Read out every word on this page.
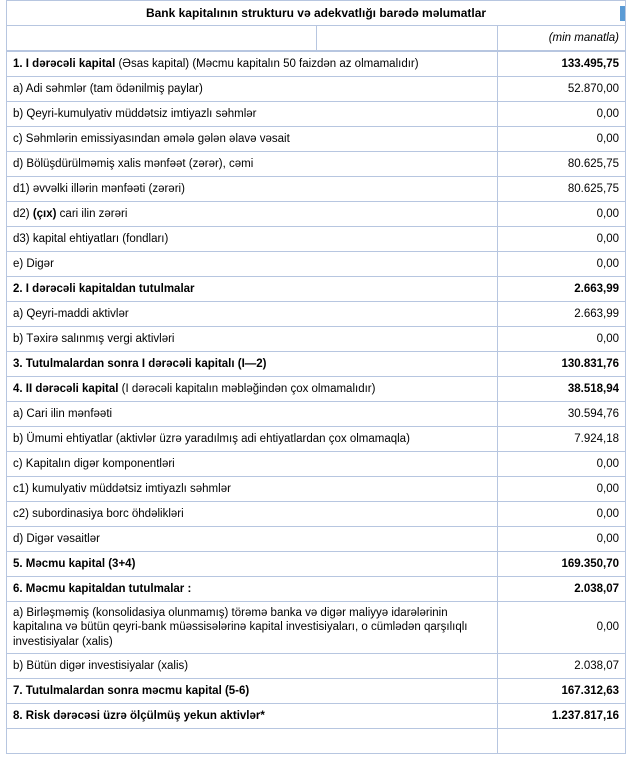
Bank kapitalının strukturu və adekvatlığı barədə məlumatlar

		(min manatla)
1. I dərəcəli kapital (Əsas kapital) (Məcmu kapitalın 50 faizdən az olmamalıdır)	133.495,75
a) Adi səhmlər (tam ödənilmiş paylar)	52.870,00
b) Qeyri-kumulyativ müddətsiz imtiyazlı səhmlər	0,00
c) Səhmlərin emissiyasından əmələ gələn əlavə vəsait	0,00
d) Bölüşdürülməmiş xalis mənfəət (zərər), cəmi	80.625,75
d1) əvvəlki illərin mənfəəti (zərəri)	80.625,75
d2) (çıx) cari ilin zərəri	0,00
d3) kapital ehtiyatları (fondları)	0,00
e) Digər	0,00
2. I dərəcəli kapitaldan tutulmalar	2.663,99
a) Qeyri-maddi aktivlər	2.663,99
b) Təxirə salınmış vergi aktivləri	0,00
3. Tutulmalardan sonra I dərəcəli kapitalı (I—2)	130.831,76
4. II dərəcəli kapital (I dərəcəli kapitalın məbləğindən çox olmamalıdır)	38.518,94
a) Cari ilin mənfəəti	30.594,76
b) Ümumi ehtiyatlar (aktivlər üzrə yaradılmış adi ehtiyatlardan çox olmamaqla)	7.924,18
c) Kapitalın digər komponentləri	0,00
c1) kumulyativ müddətsiz imtiyazlı səhmlər	0,00
c2) subordinasiya borc öhdəlikləri	0,00
d) Digər vəsaitlər	0,00
5. Məcmu kapital (3+4)	169.350,70
6. Məcmu kapitaldan tutulmalar :	2.038,07
a) Birləşməmiş (konsolidasiya olunmamış) törəmə banka və digər maliyyə idarələrinin kapitalına və bütün qeyri-bank müəssisələrinə kapital investisiyaları, o cümlədən qarşılıqlı investisiyalar (xalis)	0,00
b) Bütün digər investisiyalar (xalis)	2.038,07
7. Tutulmalardan sonra məcmu kapital (5-6)	167.312,63
8. Risk dərəcəsi üzrə ölçülmüş yekun aktivlər*	1.237.817,16
